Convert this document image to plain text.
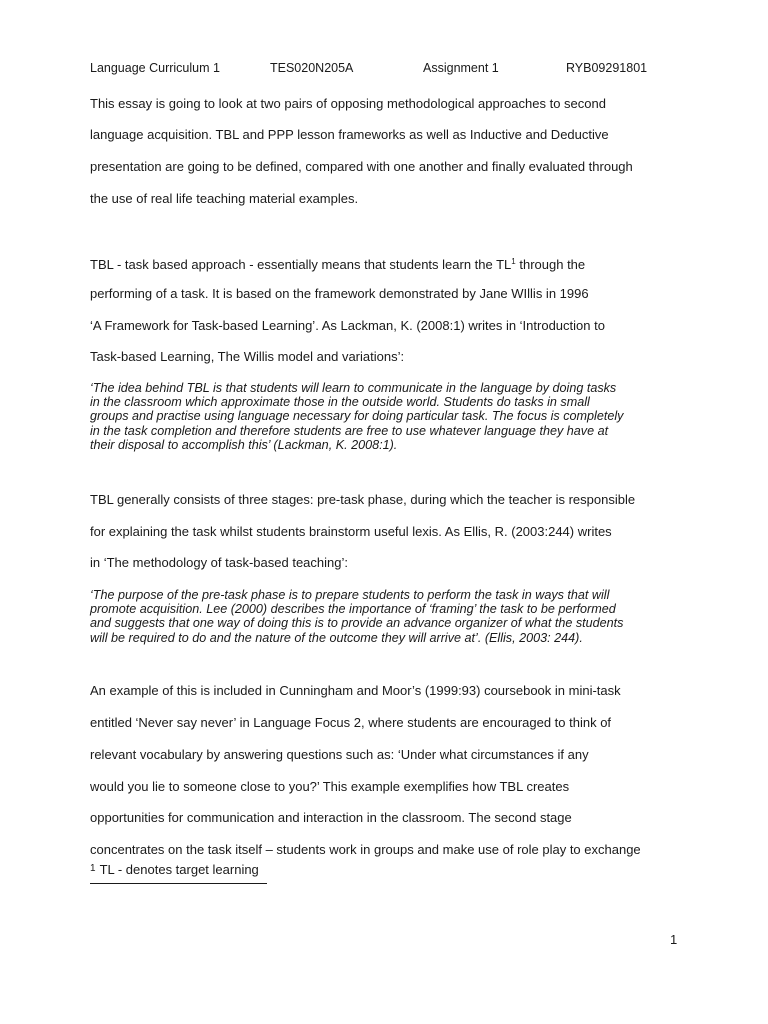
Language Curriculum 1	TES020N205A	Assignment 1	RYB09291801
This essay is going to look at two pairs of opposing methodological approaches to second
language acquisition. TBL and PPP lesson frameworks as well as Inductive and Deductive
presentation are going to be defined, compared with one another and finally evaluated through
the use of real life teaching material examples.
TBL - task based approach - essentially means that students learn the $TL^1$ through the
performing of a task. It is based on the framework demonstrated by Jane WIllis in 1996
‘A Framework for Task-based Learning’. As Lackman, K. (2008:1) writes in ‘Introduction to
Task-based Learning, The Willis model and variations’:

‘The idea behind TBL is that students will learn to communicate in the language by doing tasks

in the classroom which approximate those in the outside world. Students do tasks in small

groups and practise using language necessary for doing particular task. The focus is completely

in the task completion and therefore students are free to use whatever language they have at

their disposal to accomplish this’ (Lackman, K. 2008:1).

TBL generally consists of three stages: pre-task phase, during which the teacher is responsible
for explaining the task whilst students brainstorm useful lexis. As Ellis, R. (2003:244) writes
in ‘The methodology of task-based teaching’:

‘The purpose of the pre-task phase is to prepare students to perform the task in ways that will

promote acquisition. Lee (2000) describes the importance of ‘framing’ the task to be performed

and suggests that one way of doing this is to provide an advance organizer of what the students

will be required to do and the nature of the outcome they will arrive at’. (Ellis, 2003: 244).

An example of this is included in Cunningham and Moor’s (1999:93) coursebook in mini-task
entitled ‘Never say never’ in Language Focus 2, where students are encouraged to think of
relevant vocabulary by answering questions such as: ‘Under what circumstances if any
would you lie to someone close to you?’ This example exemplifies how TBL creates
opportunities for communication and interaction in the classroom. The second stage
concentrates on the task itself – students work in groups and make use of role play to exchange
1
$^1$ TL - denotes target learning
